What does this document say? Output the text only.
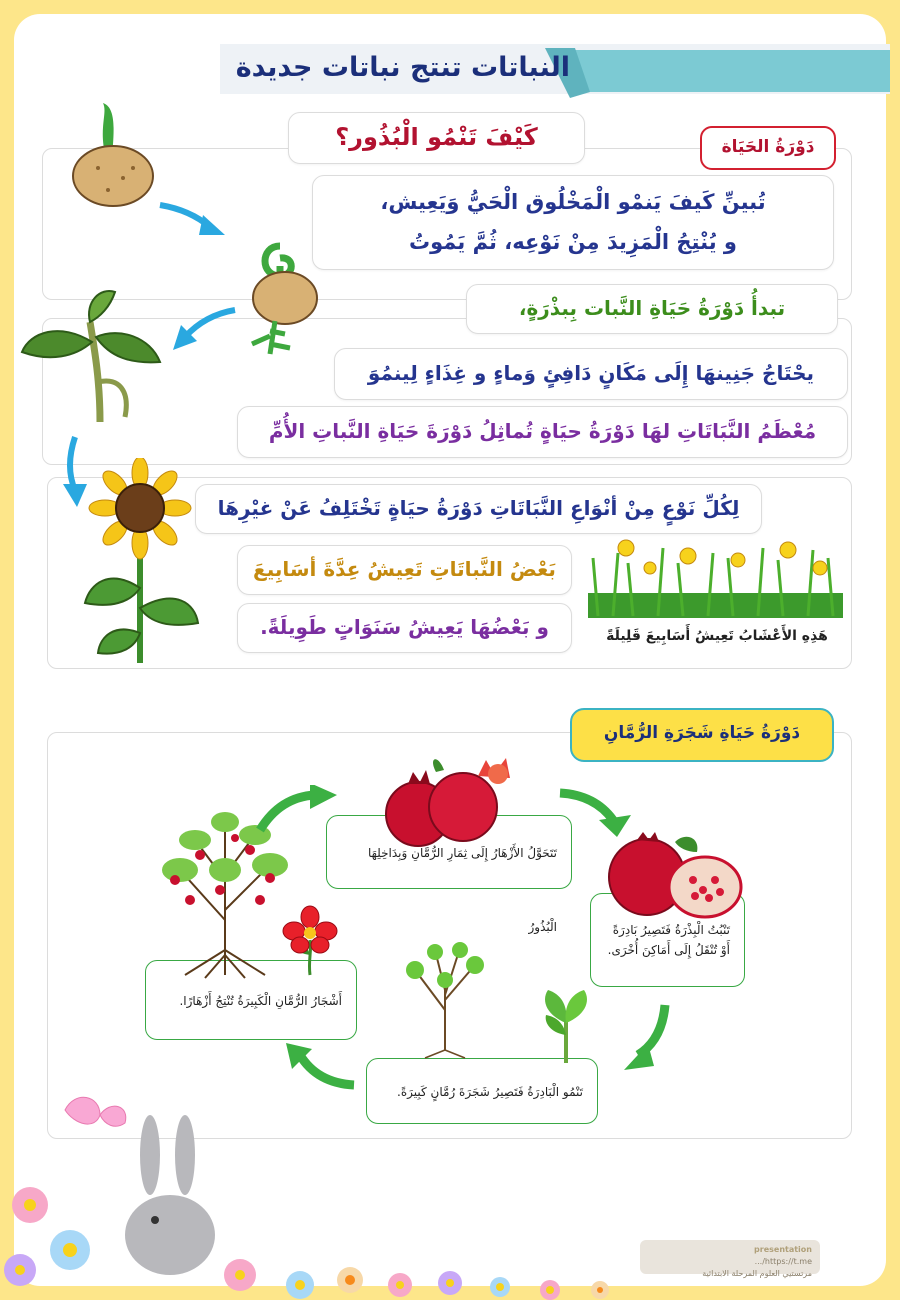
النباتات تنتج نباتات جديدة
دَوْرَةُ الحَيَاة
كَيْفَ تَنْمُو الْبُذُور؟
تُبينِّ كَيفَ يَنمْو الْمَخْلُوق الْحَيُّ وَيَعِيش،
و يُنْتِجُ الْمَزِيدَ مِنْ نَوْعِه، ثُمَّ يَمُوتُ
تبدأُ دَوْرَةُ حَيَاةِ النَّبات بِبذْرَةٍ،
يحْتَاجُ جَنِينهَا إِلَى مَكَانٍ دَافِئٍ وَماءٍ و غِذَاءٍ لِينمُوَ
مُعْظَمُ النَّبَاتَاتِ لهَا دَوْرَةُ حيَاةٍ تُماثِلُ دَوْرَةَ حَيَاةِ النَّباتِ الأُمِّ
لِكُلِّ نَوْعٍ مِنْ أنْوَاعِ النَّبَاتَاتِ دَوْرَةُ حيَاةٍ تَخْتَلِفُ عَنْ غيْرِهَا
بَعْضُ النَّباتَاتِ تَعِيشُ عِدَّةَ أسَابِيعَ
و بَعْضُهَا يَعِيشُ سَنَوَاتٍ طَوِيلَةً.	هَذِهِ الأَعْشَابُ تَعِيشُ أَسَابِيعَ قَلِيلَةً
دَوْرَةُ حَيَاةِ شَجَرَةِ الرُّمَّانِ
تَتَحَوَّلُ الأَزْهَارُ إِلَى ثِمَارِ الرُّمَّانِ وَبِدَاخِلِهَا الْبُذُورُ	تَنْبُتُ الْبِذْرَةُ فَتَصِيرُ بَادِرَةً
أَوْ تُنْقَلُ إِلَى أَمَاكِنَ أُخْرَى.
تَنْمُو الْبَادِرَةُ فَتَصِيرُ شَجَرَةَ رُمَّانٍ كَبِيرَةً.
أَشْجَارُ الرُّمَّانِ الْكَبِيرَةُ تُنْتِجُ أَزْهَارًا.
presentation
https://t.me/...
مرتستيي العلوم المرحلة الابتدائية
